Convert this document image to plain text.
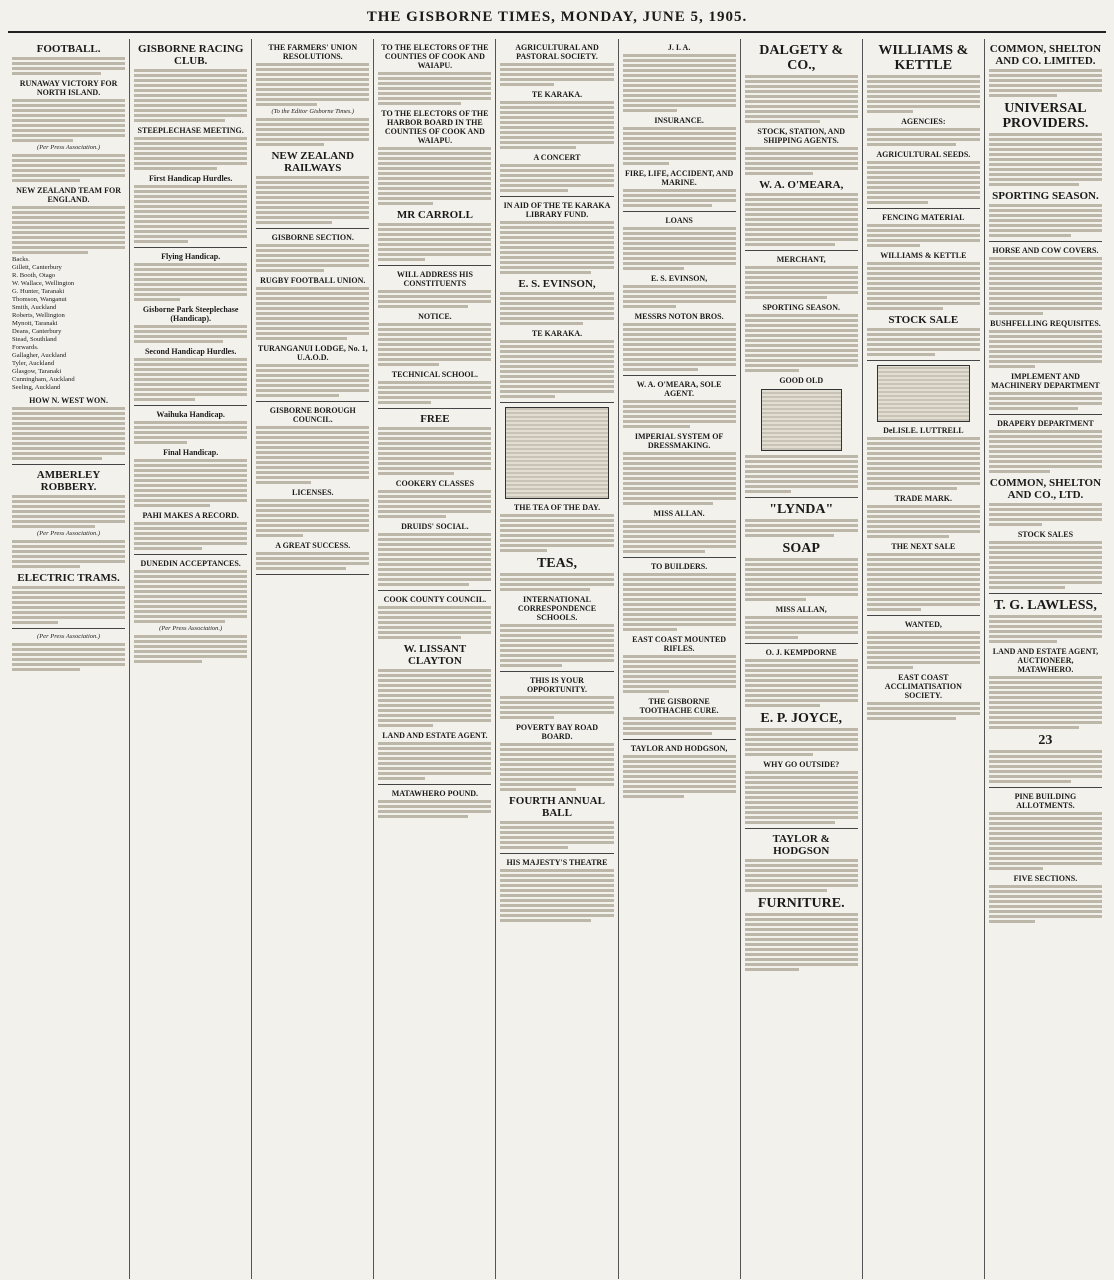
THE GISBORNE TIMES, MONDAY, JUNE 5, 1905.
FOOTBALL.
RUNAWAY VICTORY FOR NORTH ISLAND.
(Per Press Association.)
NEW ZEALAND TEAM FOR ENGLAND.
Backs.
Gillett, Canterbury
R. Booth, Otago
W. Wallace, Wellington
G. Hunter, Taranaki
Thomson, Wanganui
Smith, Auckland
Roberts, Wellington
Mynott, Taranaki
Deans, Canterbury
Stead, Southland
Forwards.
Gallagher, Auckland
Tyler, Auckland
Glasgow, Taranaki
Cunningham, Auckland
Seeling, Auckland
HOW N. WEST WON.
AMBERLEY ROBBERY.
(Per Press Association.)
ELECTRIC TRAMS.
(Per Press Association.)
GISBORNE RACING CLUB.
STEEPLECHASE MEETING.
First Handicap Hurdles.
Flying Handicap.
Gisborne Park Steeplechase (Handicap).
Second Handicap Hurdles.
Waihuka Handicap.
Final Handicap.
PAHI MAKES A RECORD.
DUNEDIN ACCEPTANCES.
(Per Press Association.)
THE FARMERS' UNION RESOLUTIONS.
(To the Editor Gisborne Times.)
NEW ZEALAND RAILWAYS
GISBORNE SECTION.
RUGBY FOOTBALL UNION.
TURANGANUI LODGE, No. 1, U.A.O.D.
GISBORNE BOROUGH COUNCIL.
LICENSES.
A GREAT SUCCESS.
TO THE ELECTORS OF THE COUNTIES OF COOK AND WAIAPU.
TO THE ELECTORS OF THE HARBOR BOARD IN THE COUNTIES OF COOK AND WAIAPU.
MR CARROLL
WILL ADDRESS HIS CONSTITUENTS
NOTICE.
TECHNICAL SCHOOL.
FREE
COOKERY CLASSES
DRUIDS' SOCIAL.
COOK COUNTY COUNCIL.
W. LISSANT CLAYTON
LAND AND ESTATE AGENT.
MATAWHERO POUND.
AGRICULTURAL AND PASTORAL SOCIETY.
TE KARAKA.
A CONCERT
IN AID OF THE TE KARAKA LIBRARY FUND.
E. S. EVINSON,
TE KARAKA.
THE TEA OF THE DAY.
TEAS,
INTERNATIONAL CORRESPONDENCE SCHOOLS.
THIS IS YOUR OPPORTUNITY.
POVERTY BAY ROAD BOARD.
FOURTH ANNUAL BALL
HIS MAJESTY'S THEATRE
J. I. A.
INSURANCE.
FIRE, LIFE, ACCIDENT, AND MARINE.
LOANS
E. S. EVINSON,
MESSRS NOTON BROS.
W. A. O'MEARA, SOLE AGENT.
IMPERIAL SYSTEM OF DRESSMAKING.
MISS ALLAN.
TO BUILDERS.
EAST COAST MOUNTED RIFLES.
THE GISBORNE TOOTHACHE CURE.
TAYLOR AND HODGSON,
DALGETY & CO.,
STOCK, STATION, AND SHIPPING AGENTS.
W. A. O'MEARA,
MERCHANT,
SPORTING SEASON.
GOOD OLD
"LYNDA"
SOAP
MISS ALLAN,
O. J. KEMPDORNE
E. P. JOYCE,
WHY GO OUTSIDE?
TAYLOR & HODGSON
FURNITURE.
WILLIAMS & KETTLE
AGENCIES:
AGRICULTURAL SEEDS.
FENCING MATERIAL
WILLIAMS & KETTLE
STOCK SALE
DeLISLE. LUTTRELL
TRADE MARK.
THE NEXT SALE
WANTED,
EAST COAST ACCLIMATISATION SOCIETY.
COMMON, SHELTON AND CO. LIMITED.
UNIVERSAL PROVIDERS.
SPORTING SEASON.
HORSE AND COW COVERS.
BUSHFELLING REQUISITES.
IMPLEMENT AND MACHINERY DEPARTMENT
DRAPERY DEPARTMENT
COMMON, SHELTON AND CO., LTD.
STOCK SALES
T. G. LAWLESS,
LAND AND ESTATE AGENT, AUCTIONEER, MATAWHERO.
23
PINE BUILDING ALLOTMENTS.
FIVE SECTIONS.
